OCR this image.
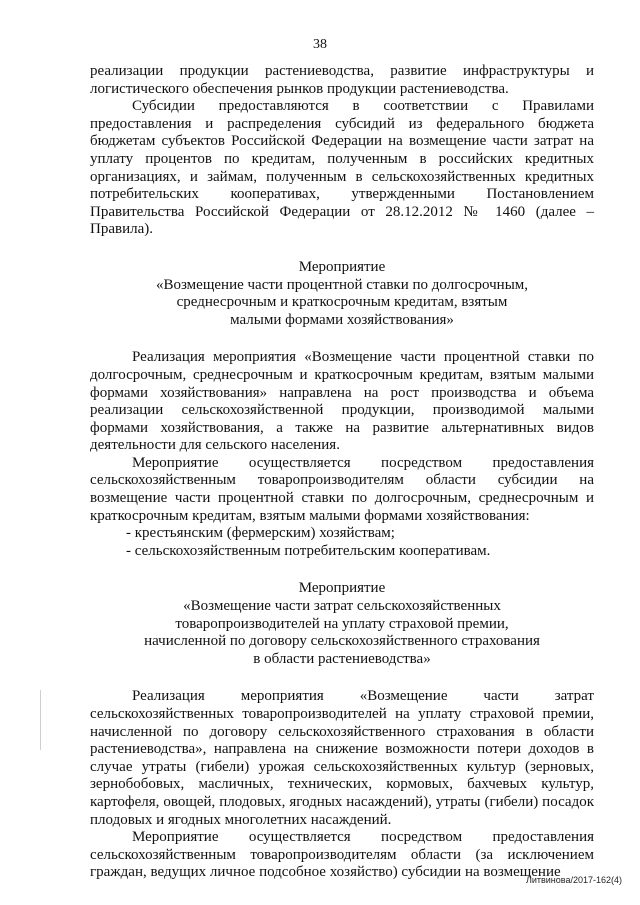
38

реализации продукции растениеводства, развитие инфраструктуры и логистического обеспечения рынков продукции растениеводства.

Субсидии предоставляются в соответствии с Правилами предоставления и распределения субсидий из федерального бюджета бюджетам субъектов Российской Федерации на возмещение части затрат на уплату процентов по кредитам, полученным в российских кредитных организациях, и займам, полученным в сельскохозяйственных кредитных потребительских кооперативах, утвержденными Постановлением Правительства Российской Федерации от 28.12.2012 № 1460 (далее – Правила).

Мероприятие

«Возмещение части процентной ставки по долгосрочным, среднесрочным и краткосрочным кредитам, взятым малыми формами хозяйствования»

Реализация мероприятия «Возмещение части процентной ставки по долгосрочным, среднесрочным и краткосрочным кредитам, взятым малыми формами хозяйствования» направлена на рост производства и объема реализации сельскохозяйственной продукции, производимой малыми формами хозяйствования, а также на развитие альтернативных видов деятельности для сельского населения.

Мероприятие осуществляется посредством предоставления сельскохозяйственным товаропроизводителям области субсидии на возмещение части процентной ставки по долгосрочным, среднесрочным и краткосрочным кредитам, взятым малыми формами хозяйствования:

- крестьянским (фермерским) хозяйствам;

- сельскохозяйственным потребительским кооперативам.

Мероприятие

«Возмещение части затрат сельскохозяйственных товаропроизводителей на уплату страховой премии, начисленной по договору сельскохозяйственного страхования в области растениеводства»

Реализация мероприятия «Возмещение части затрат сельскохозяйственных товаропроизводителей на уплату страховой премии, начисленной по договору сельскохозяйственного страхования в области растениеводства», направлена на снижение возможности потери доходов в случае утраты (гибели) урожая сельскохозяйственных культур (зерновых, зернобобовых, масличных, технических, кормовых, бахчевых культур, картофеля, овощей, плодовых, ягодных насаждений), утраты (гибели) посадок плодовых и ягодных многолетних насаждений.

Мероприятие осуществляется посредством предоставления сельскохозяйственным товаропроизводителям области (за исключением граждан, ведущих личное подсобное хозяйство) субсидии на возмещение

Литвинова/2017-162(4)
